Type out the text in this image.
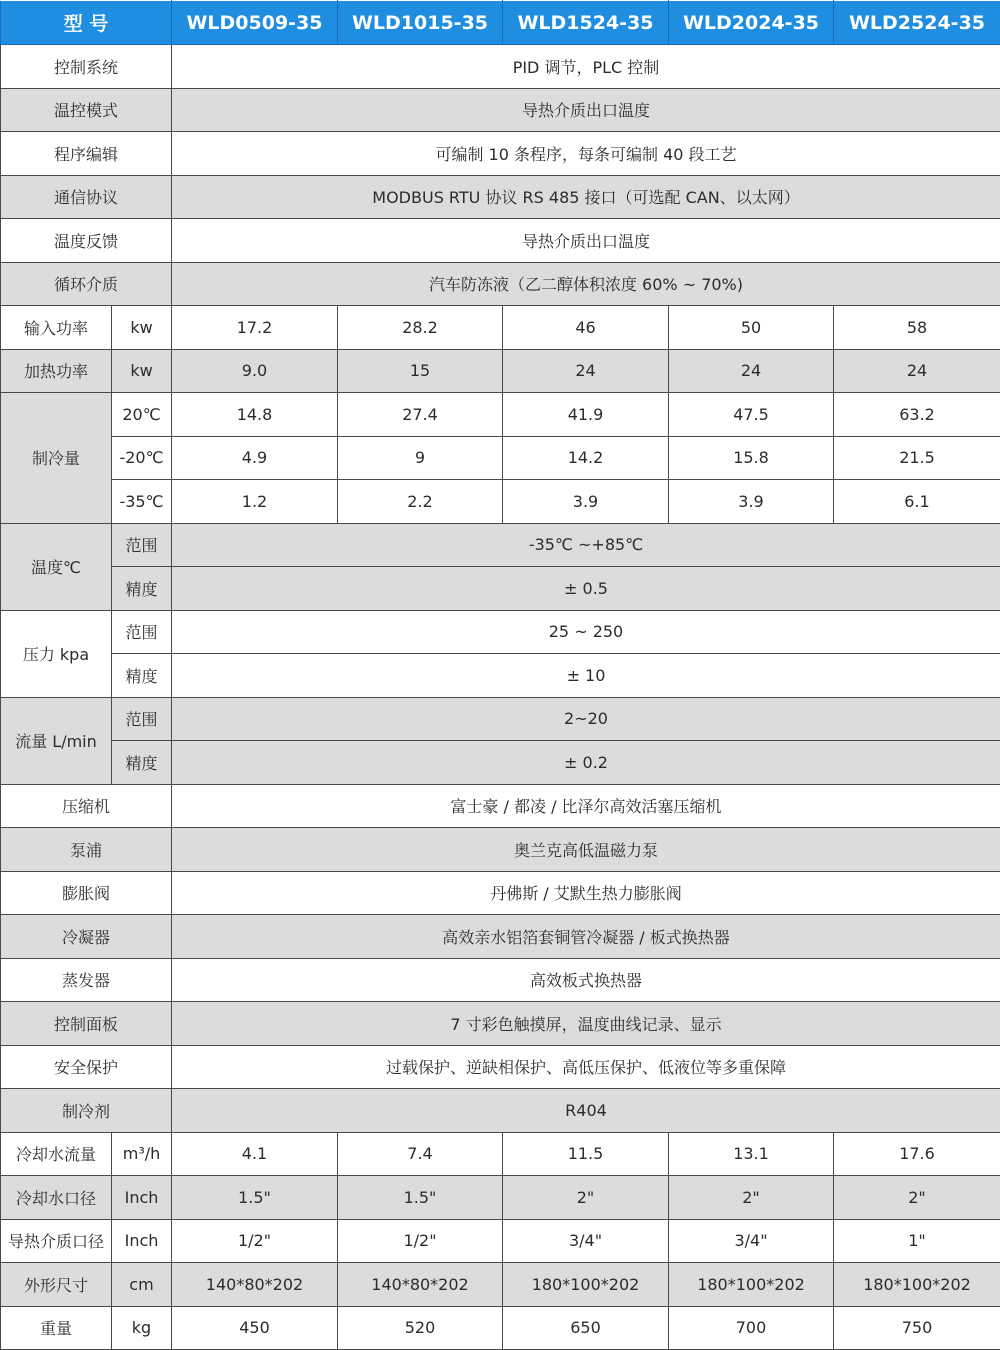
型 号		WLD0509-35	WLD1015-35	WLD1524-35	WLD2024-35	WLD2524-35
控制系统		PID 调节，PLC 控制				
温控模式		导热介质出口温度				
程序编辑		可编制 10 条程序，每条可编制 40 段工艺				
通信协议		MODBUS RTU 协议 RS 485 接口（可选配 CAN、以太网）				
温度反馈		导热介质出口温度				
循环介质		汽车防冻液（乙二醇体积浓度 60% ~ 70%)				
输入功率	kw	17.2	28.2	46	50	58
加热功率	kw	9.0	15	24	24	24
制冷量	20℃	14.8	27.4	41.9	47.5	63.2
	-20℃	4.9	9	14.2	15.8	21.5
	-35℃	1.2	2.2	3.9	3.9	6.1
温度℃	范围	-35℃ ~+85℃				
	精度	± 0.5				
压力 kpa	范围	25 ~ 250				
	精度	± 10				
流量 L/min	范围	2~20				
	精度	± 0.2				
压缩机		富士豪 / 都凌 / 比泽尔高效活塞压缩机				
泵浦		奥兰克高低温磁力泵				
膨胀阀		丹佛斯 / 艾默生热力膨胀阀				
冷凝器		高效亲水铝箔套铜管冷凝器 / 板式换热器				
蒸发器		高效板式换热器				
控制面板		7 寸彩色触摸屏，温度曲线记录、显示				
安全保护		过载保护、逆缺相保护、高低压保护、低液位等多重保障				
制冷剂		R404				
冷却水流量	m³/h	4.1	7.4	11.5	13.1	17.6
冷却水口径	Inch	1.5"	1.5"	2"	2"	2"
导热介质口径	Inch	1/2"	1/2"	3/4"	3/4"	1"
外形尺寸	cm	140*80*202	140*80*202	180*100*202	180*100*202	180*100*202
重量	kg	450	520	650	700	750
